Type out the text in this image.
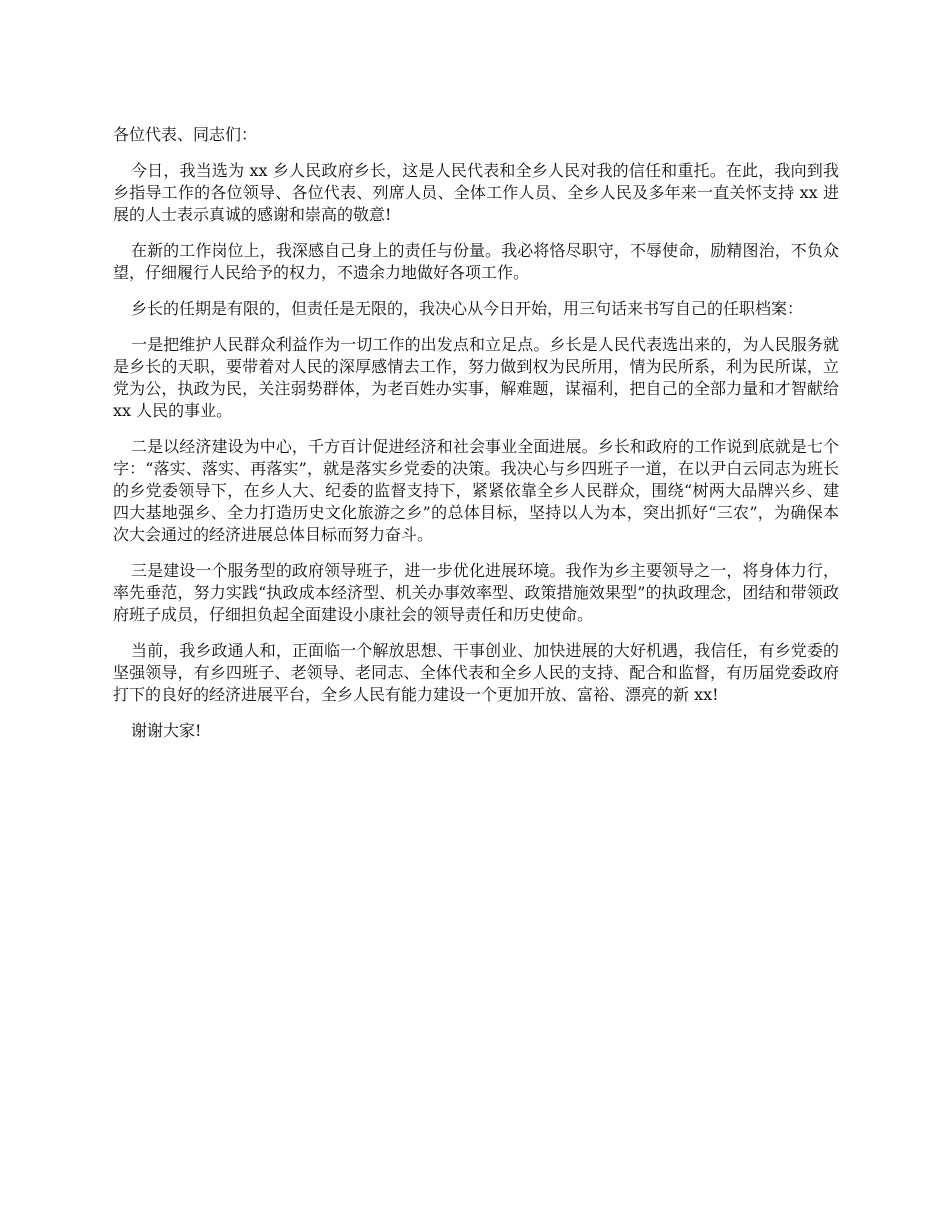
各位代表、同志们：

今日，我当选为 xx 乡人民政府乡长，这是人民代表和全乡人民对我的信任和重托。在此，我向到我乡指导工作的各位领导、各位代表、列席人员、全体工作人员、全乡人民及多年来一直关怀支持 xx 进展的人士表示真诚的感谢和崇高的敬意!

在新的工作岗位上，我深感自己身上的责任与份量。我必将恪尽职守，不辱使命，励精图治，不负众望，仔细履行人民给予的权力，不遗余力地做好各项工作。

乡长的任期是有限的，但责任是无限的，我决心从今日开始，用三句话来书写自己的任职档案：

一是把维护人民群众利益作为一切工作的出发点和立足点。乡长是人民代表选出来的，为人民服务就是乡长的天职，要带着对人民的深厚感情去工作，努力做到权为民所用，情为民所系，利为民所谋，立党为公，执政为民，关注弱势群体，为老百姓办实事，解难题，谋福利，把自己的全部力量和才智献给 xx 人民的事业。

二是以经济建设为中心，千方百计促进经济和社会事业全面进展。乡长和政府的工作说到底就是七个字：“落实、落实、再落实”，就是落实乡党委的决策。我决心与乡四班子一道，在以尹白云同志为班长的乡党委领导下，在乡人大、纪委的监督支持下，紧紧依靠全乡人民群众，围绕“树两大品牌兴乡、建四大基地强乡、全力打造历史文化旅游之乡”的总体目标，坚持以人为本，突出抓好“三农”，为确保本次大会通过的经济进展总体目标而努力奋斗。

三是建设一个服务型的政府领导班子，进一步优化进展环境。我作为乡主要领导之一，将身体力行，率先垂范，努力实践“执政成本经济型、机关办事效率型、政策措施效果型”的执政理念，团结和带领政府班子成员，仔细担负起全面建设小康社会的领导责任和历史使命。

当前，我乡政通人和，正面临一个解放思想、干事创业、加快进展的大好机遇，我信任，有乡党委的坚强领导，有乡四班子、老领导、老同志、全体代表和全乡人民的支持、配合和监督，有历届党委政府打下的良好的经济进展平台，全乡人民有能力建设一个更加开放、富裕、漂亮的新 xx!

谢谢大家!
